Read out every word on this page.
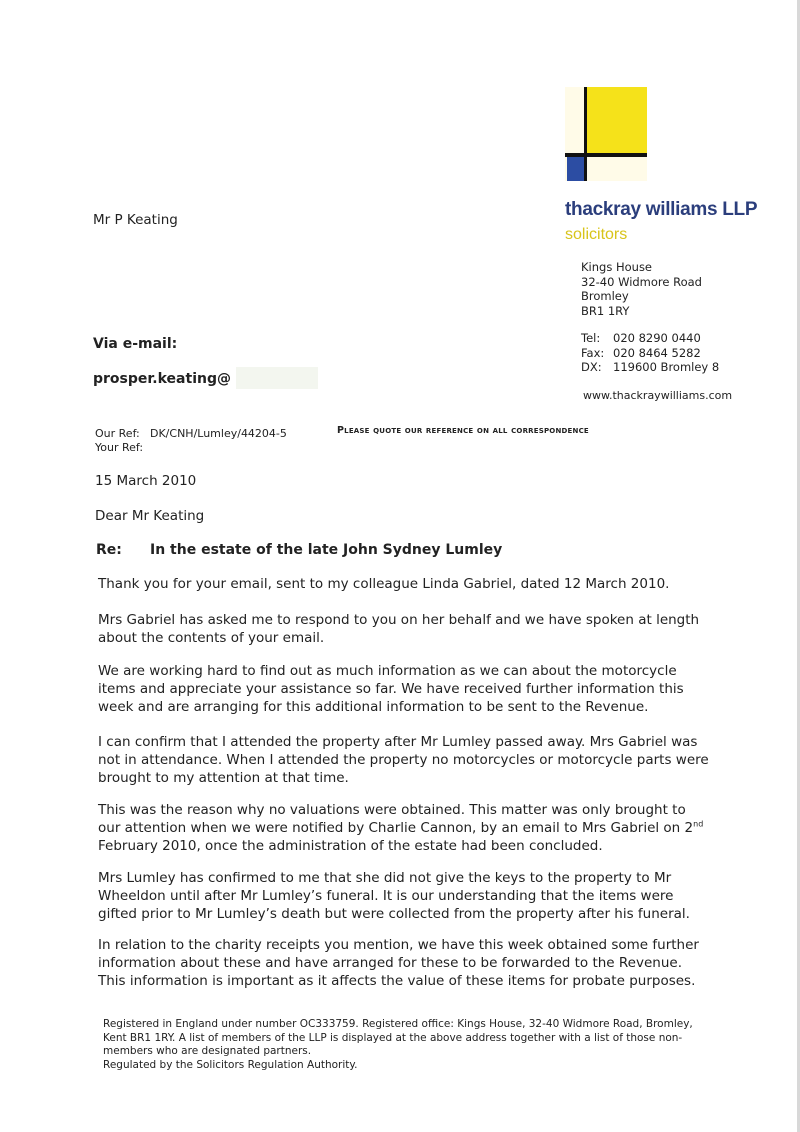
thackray williams LLP
solicitors
Kings House
32-40 Widmore Road
Bromley
BR1 1RY
Tel: 020 8290 0440
Fax: 020 8464 5282
DX: 119600 Bromley 8
www.thackraywilliams.com
Mr P Keating
Via e-mail:
prosper.keating@
Our Ref: DK/CNH/Lumley/44204-5
Your Ref:
Please quote our reference on all correspondence
15 March 2010
Dear Mr Keating
Re: In the estate of the late John Sydney Lumley

Thank you for your email, sent to my colleague Linda Gabriel, dated 12 March 2010.

Mrs Gabriel has asked me to respond to you on her behalf and we have spoken at length about the contents of your email.

We are working hard to find out as much information as we can about the motorcycle items and appreciate your assistance so far. We have received further information this week and are arranging for this additional information to be sent to the Revenue.

I can confirm that I attended the property after Mr Lumley passed away. Mrs Gabriel was not in attendance. When I attended the property no motorcycles or motorcycle parts were brought to my attention at that time.

This was the reason why no valuations were obtained. This matter was only brought to our attention when we were notified by Charlie Cannon, by an email to Mrs Gabriel on 2nd February 2010, once the administration of the estate had been concluded.

Mrs Lumley has confirmed to me that she did not give the keys to the property to Mr Wheeldon until after Mr Lumley’s funeral. It is our understanding that the items were gifted prior to Mr Lumley’s death but were collected from the property after his funeral.

In relation to the charity receipts you mention, we have this week obtained some further information about these and have arranged for these to be forwarded to the Revenue. This information is important as it affects the value of these items for probate purposes.

Registered in England under number OC333759. Registered office: Kings House, 32-40 Widmore Road, Bromley, Kent BR1 1RY. A list of members of the LLP is displayed at the above address together with a list of those non-members who are designated partners.

Regulated by the Solicitors Regulation Authority.
